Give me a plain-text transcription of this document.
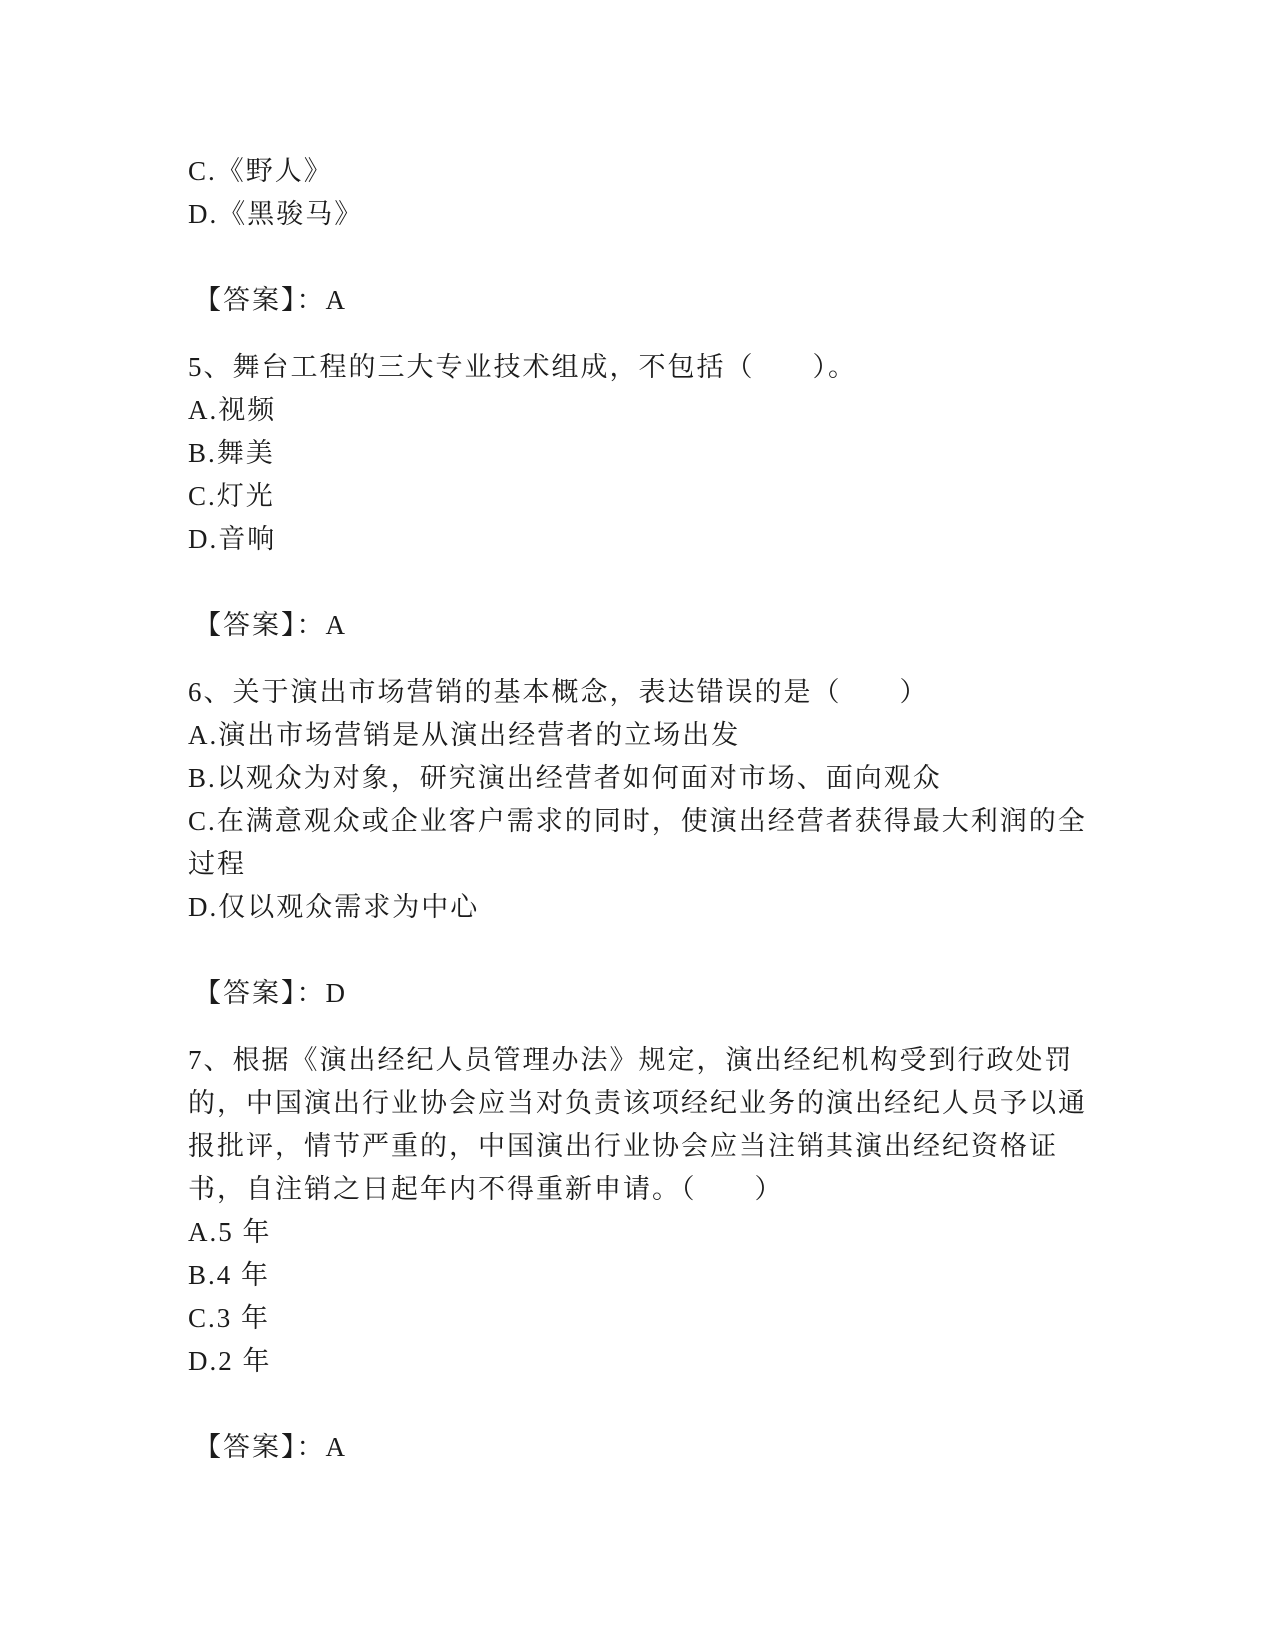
C.《野人》

D.《黑骏马》

【答案】：A

5、舞台工程的三大专业技术组成，不包括（　　）。

A.视频

B.舞美

C.灯光

D.音响

【答案】：A

6、关于演出市场营销的基本概念，表达错误的是（　　）

A.演出市场营销是从演出经营者的立场出发

B.以观众为对象，研究演出经营者如何面对市场、面向观众

C.在满意观众或企业客户需求的同时，使演出经营者获得最大利润的全过程

D.仅以观众需求为中心

【答案】：D

7、根据《演出经纪人员管理办法》规定，演出经纪机构受到行政处罚的，中国演出行业协会应当对负责该项经纪业务的演出经纪人员予以通报批评，情节严重的，中国演出行业协会应当注销其演出经纪资格证书，自注销之日起年内不得重新申请。（　　）

A.5 年

B.4 年

C.3 年

D.2 年

【答案】：A
